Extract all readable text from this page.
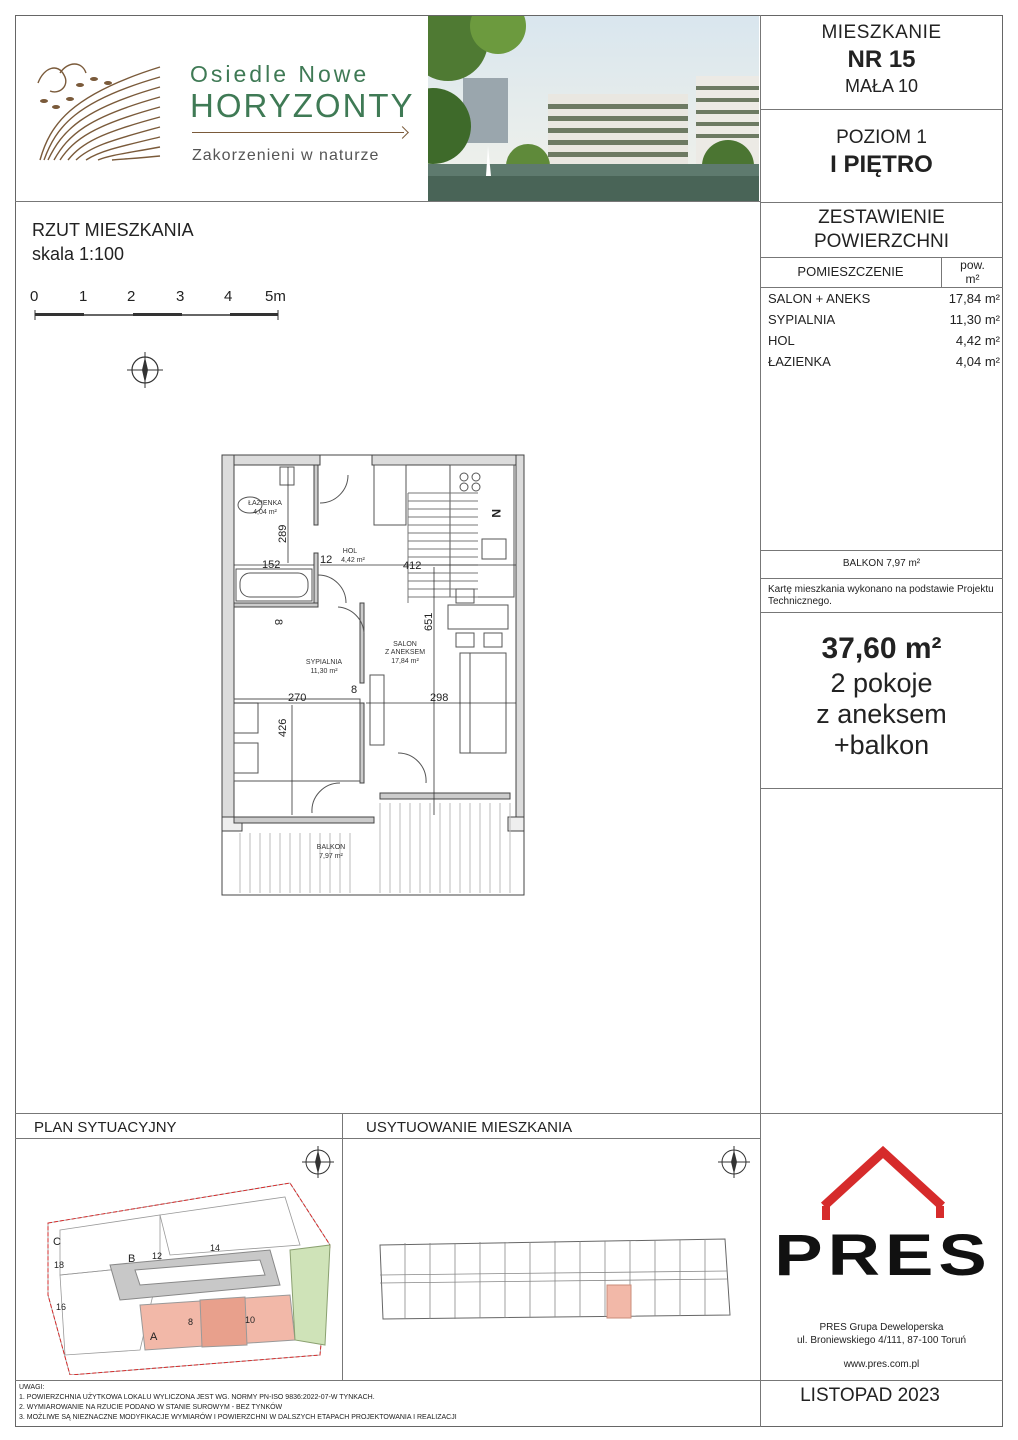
Osiedle Nowe
HORYZONTY
Zakorzenieni w naturze
MIESZKANIE
NR 15
MAŁA 10
POZIOM 1
I PIĘTRO
ZESTAWIENIE
POWIERZCHNI
POMIESZCZENIE	pow.
m²
SALON + ANEKS	17,84 m²
SYPIALNIA	11,30 m²
HOL	4,42 m²
ŁAZIENKA	4,04 m²
BALKON 7,97 m²
Kartę mieszkania wykonano na podstawie Projektu Technicznego.
37,60 m²
2 pokoje
z aneksem
+balkon
RZUT MIESZKANIA
skala 1:100
0	1	2	3	4 5m
ŁAZIENKA
4,04 m²
HOL
4,42 m²
SALON
Z ANEKSEM
17,84 m²
SYPIALNIA
11,30 m²
BALKON
7,97 m²
289
152	12	412
8	651
270
8
298
426
N
PLAN SYTUACYJNY	USYTUOWANIE MIESZKANIA
C
B
A
18
16
12
14
8	10
PRES
PRES Grupa Deweloperska
ul. Broniewskiego 4/111, 87-100 Toruń
www.pres.com.pl
LISTOPAD 2023
UWAGI:
1. POWIERZCHNIA UŻYTKOWA LOKALU WYLICZONA JEST WG. NORMY PN-ISO 9836:2022-07-W TYNKACH.
2. WYMIAROWANIE NA RZUCIE PODANO W STANIE SUROWYM - BEZ TYNKÓW
3. MOŻLIWE SĄ NIEZNACZNE MODYFIKACJE WYMIARÓW I POWIERZCHNI W DALSZYCH ETAPACH PROJEKTOWANIA I REALIZACJI
